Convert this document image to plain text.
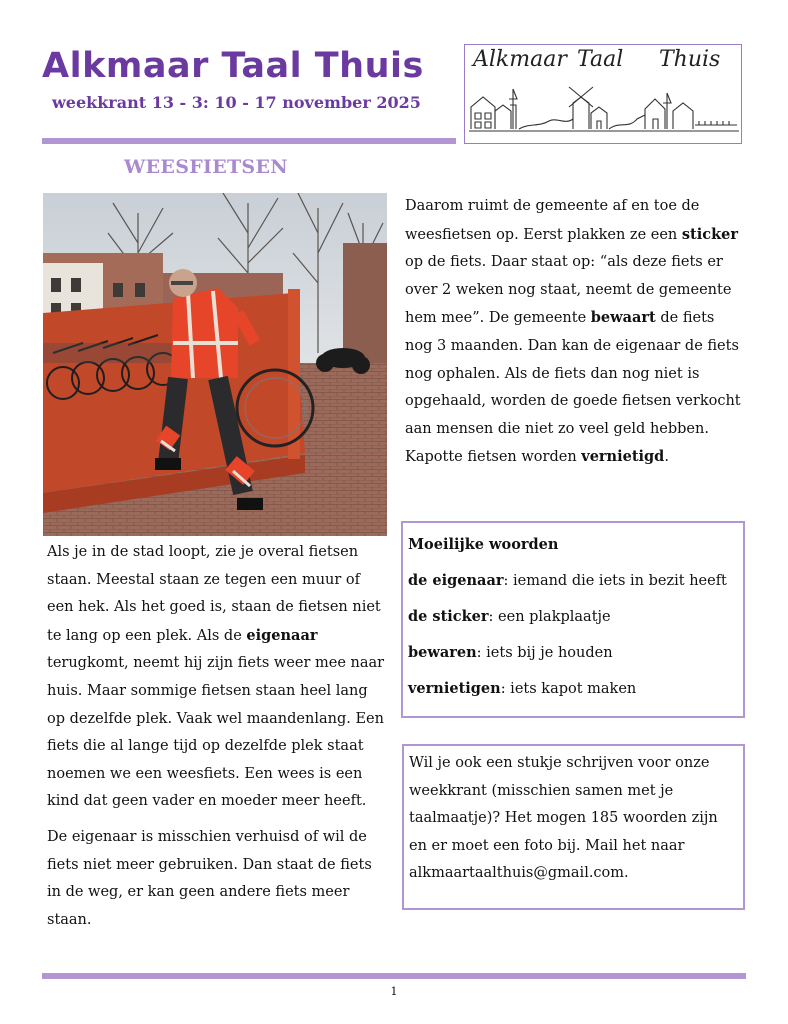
Alkmaar Taal Thuis
weekkrant 13 - 3: 10 - 17 november 2025
Alkmaar Taal Thuis
WEESFIETSEN

Als je in de stad loopt, zie je overal fietsen staan. Meestal staan ze tegen een muur of een hek. Als het goed is, staan de fietsen niet te lang op een plek. Als de eigenaar terugkomt, neemt hij zijn fiets weer mee naar huis. Maar sommige fietsen staan heel lang op dezelfde plek. Vaak wel maandenlang. Een fiets die al lange tijd op dezelfde plek staat noemen we een weesfiets. Een wees is een kind dat geen vader en moeder meer heeft.

De eigenaar is misschien verhuisd of wil de fiets niet meer gebruiken. Dan staat de fiets in de weg, er kan geen andere fiets meer staan.

Daarom ruimt de gemeente af en toe de weesfietsen op. Eerst plakken ze een sticker op de fiets. Daar staat op: “als deze fiets er over 2 weken nog staat, neemt de gemeente hem mee”. De gemeente bewaart de fiets nog 3 maanden. Dan kan de eigenaar de fiets nog ophalen. Als de fiets dan nog niet is opgehaald, worden de goede fietsen verkocht aan mensen die niet zo veel geld hebben. Kapotte fietsen worden vernietigd.

Moeilijke woorden
de eigenaar: iemand die iets in bezit heeft
de sticker: een plakplaatje
bewaren: iets bij je houden
vernietigen: iets kapot maken
Wil je ook een stukje schrijven voor onze weekkrant (misschien samen met je taalmaatje)? Het mogen 185 woorden zijn en er moet een foto bij. Mail het naar alkmaartaalthuis@gmail.com.
1
